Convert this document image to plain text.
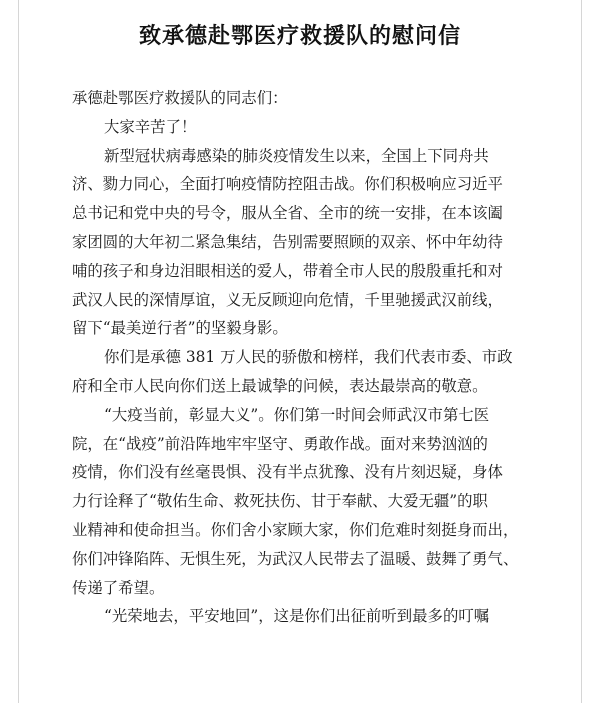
致承德赴鄂医疗救援队的慰问信

承德赴鄂医疗救援队的同志们：

大家辛苦了！

新型冠状病毒感染的肺炎疫情发生以来，全国上下同舟共
济、勠力同心，全面打响疫情防控阻击战。你们积极响应习近平
总书记和党中央的号令，服从全省、全市的统一安排，在本该阖
家团圆的大年初二紧急集结，告别需要照顾的双亲、怀中年幼待
哺的孩子和身边泪眼相送的爱人，带着全市人民的殷殷重托和对
武汉人民的深情厚谊，义无反顾迎向危情，千里驰援武汉前线，
留下“最美逆行者”的坚毅身影。

你们是承德 381 万人民的骄傲和榜样，我们代表市委、市政
府和全市人民向你们送上最诚挚的问候，表达最崇高的敬意。

“大疫当前，彰显大义”。你们第一时间会师武汉市第七医
院，在“战疫”前沿阵地牢牢坚守、勇敢作战。面对来势汹汹的
疫情，你们没有丝毫畏惧、没有半点犹豫、没有片刻迟疑，身体
力行诠释了“敬佑生命、救死扶伤、甘于奉献、大爱无疆”的职
业精神和使命担当。你们舍小家顾大家，你们危难时刻挺身而出，
你们冲锋陷阵、无惧生死，为武汉人民带去了温暖、鼓舞了勇气、
传递了希望。

“光荣地去，平安地回”，这是你们出征前听到最多的叮嘱
